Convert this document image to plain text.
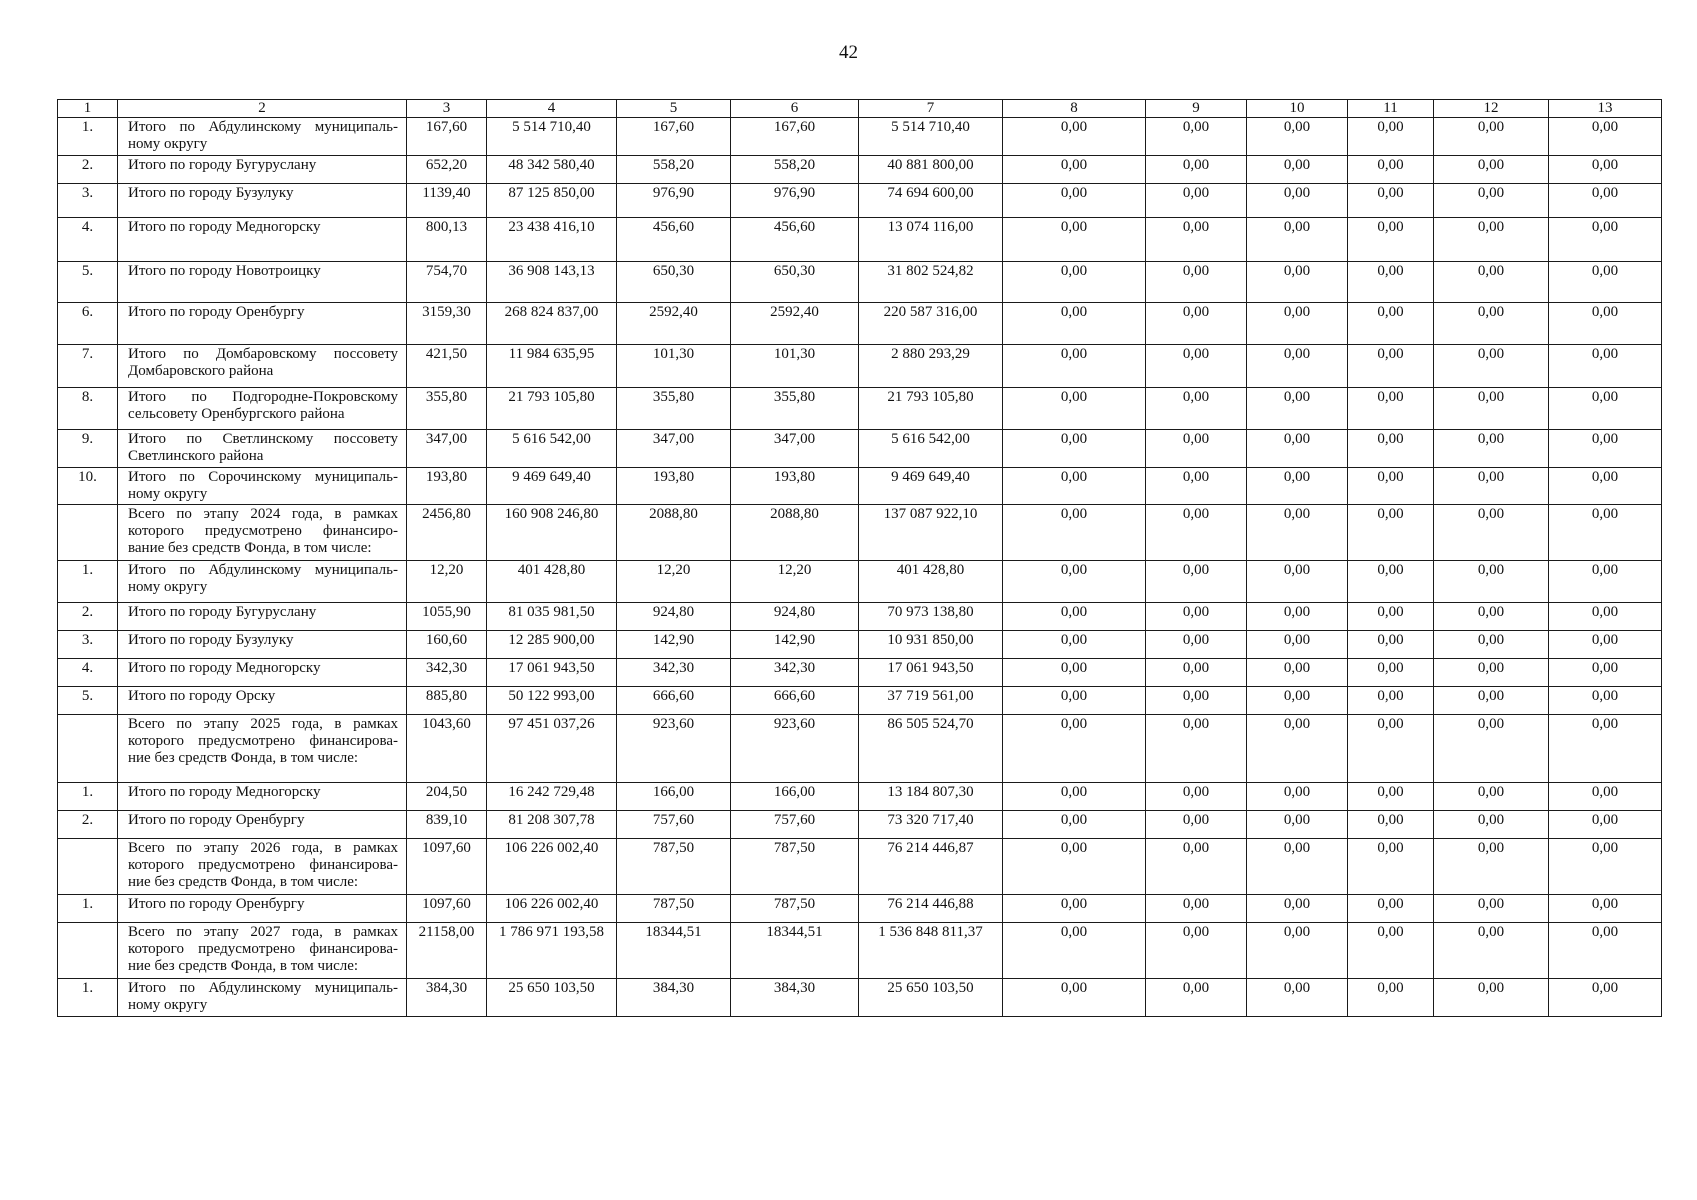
42
1	2	3	4	5	6	7	8	9	10	11	12	13
1.	Итого по Абдулинскому муниципаль-ному округу	167,60	5 514 710,40	167,60	167,60	5 514 710,40	0,00	0,00	0,00	0,00	0,00	0,00
2.	Итого по городу Бугуруслану	652,20	48 342 580,40	558,20	558,20	40 881 800,00	0,00	0,00	0,00	0,00	0,00	0,00
3.	Итого по городу Бузулуку	1139,40	87 125 850,00	976,90	976,90	74 694 600,00	0,00	0,00	0,00	0,00	0,00	0,00
4.	Итого по городу Медногорску	800,13	23 438 416,10	456,60	456,60	13 074 116,00	0,00	0,00	0,00	0,00	0,00	0,00
5.	Итого по городу Новотроицку	754,70	36 908 143,13	650,30	650,30	31 802 524,82	0,00	0,00	0,00	0,00	0,00	0,00
6.	Итого по городу Оренбургу	3159,30	268 824 837,00	2592,40	2592,40	220 587 316,00	0,00	0,00	0,00	0,00	0,00	0,00
7.	Итого по Домбаровскому поссовету Домбаровского района	421,50	11 984 635,95	101,30	101,30	2 880 293,29	0,00	0,00	0,00	0,00	0,00	0,00
8.	Итого по Подгородне-Покровскому сельсовету Оренбургского района	355,80	21 793 105,80	355,80	355,80	21 793 105,80	0,00	0,00	0,00	0,00	0,00	0,00
9.	Итого по Светлинскому поссовету Светлинского района	347,00	5 616 542,00	347,00	347,00	5 616 542,00	0,00	0,00	0,00	0,00	0,00	0,00
10.	Итого по Сорочинскому муниципаль-ному округу	193,80	9 469 649,40	193,80	193,80	9 469 649,40	0,00	0,00	0,00	0,00	0,00	0,00
	Всего по этапу 2024 года, в рамках которого предусмотрено финансиро-вание без средств Фонда, в том числе:	2456,80	160 908 246,80	2088,80	2088,80	137 087 922,10	0,00	0,00	0,00	0,00	0,00	0,00
1.	Итого по Абдулинскому муниципаль-ному округу	12,20	401 428,80	12,20	12,20	401 428,80	0,00	0,00	0,00	0,00	0,00	0,00
2.	Итого по городу Бугуруслану	1055,90	81 035 981,50	924,80	924,80	70 973 138,80	0,00	0,00	0,00	0,00	0,00	0,00
3.	Итого по городу Бузулуку	160,60	12 285 900,00	142,90	142,90	10 931 850,00	0,00	0,00	0,00	0,00	0,00	0,00
4.	Итого по городу Медногорску	342,30	17 061 943,50	342,30	342,30	17 061 943,50	0,00	0,00	0,00	0,00	0,00	0,00
5.	Итого по городу Орску	885,80	50 122 993,00	666,60	666,60	37 719 561,00	0,00	0,00	0,00	0,00	0,00	0,00
	Всего по этапу 2025 года, в рамках которого предусмотрено финансирова-ние без средств Фонда, в том числе:	1043,60	97 451 037,26	923,60	923,60	86 505 524,70	0,00	0,00	0,00	0,00	0,00	0,00
1.	Итого по городу Медногорску	204,50	16 242 729,48	166,00	166,00	13 184 807,30	0,00	0,00	0,00	0,00	0,00	0,00
2.	Итого по городу Оренбургу	839,10	81 208 307,78	757,60	757,60	73 320 717,40	0,00	0,00	0,00	0,00	0,00	0,00
	Всего по этапу 2026 года, в рамках которого предусмотрено финансирова-ние без средств Фонда, в том числе:	1097,60	106 226 002,40	787,50	787,50	76 214 446,87	0,00	0,00	0,00	0,00	0,00	0,00
1.	Итого по городу Оренбургу	1097,60	106 226 002,40	787,50	787,50	76 214 446,88	0,00	0,00	0,00	0,00	0,00	0,00
	Всего по этапу 2027 года, в рамках которого предусмотрено финансирова-ние без средств Фонда, в том числе:	21158,00	1 786 971 193,58	18344,51	18344,51	1 536 848 811,37	0,00	0,00	0,00	0,00	0,00	0,00
1.	Итого по Абдулинскому муниципаль-ному округу	384,30	25 650 103,50	384,30	384,30	25 650 103,50	0,00	0,00	0,00	0,00	0,00	0,00
